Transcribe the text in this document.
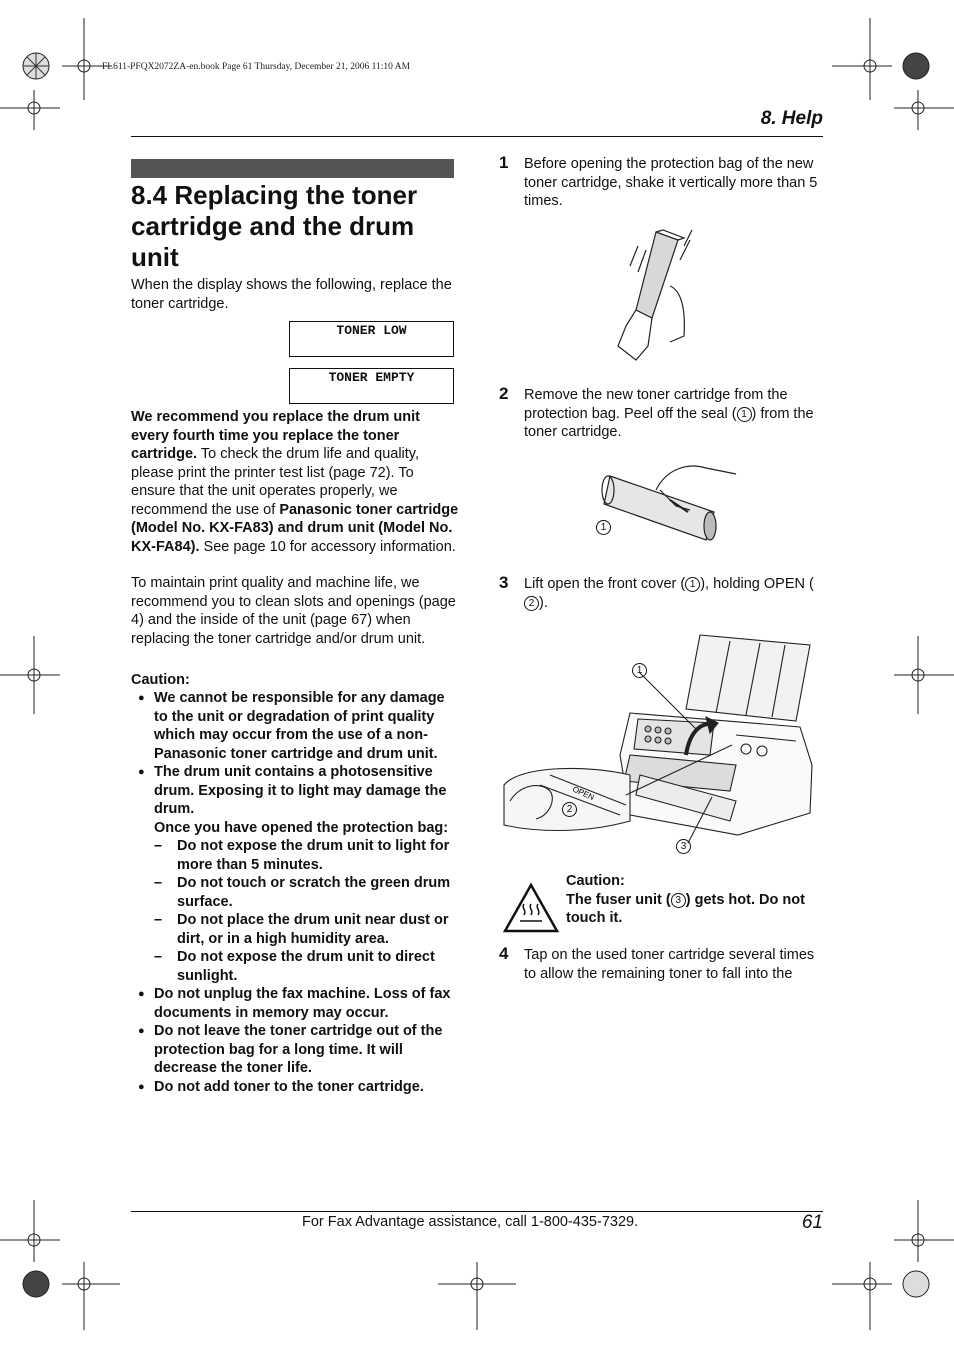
FL611-PFQX2072ZA-en.book Page 61 Thursday, December 21, 2006 11:10 AM
8. Help
8.4 Replacing the toner cartridge and the drum unit
When the display shows the following, replace the toner cartridge.
TONER LOW
TONER EMPTY
We recommend you replace the drum unit every fourth time you replace the toner cartridge. To check the drum life and quality, please print the printer test list (page 72). To ensure that the unit operates properly, we recommend the use of Panasonic toner cartridge (Model No. KX-FA83) and drum unit (Model No. KX-FA84). See page 10 for accessory information.
To maintain print quality and machine life, we recommend you to clean slots and openings (page 4) and the inside of the unit (page 67) when replacing the toner cartridge and/or drum unit.
Caution:
● We cannot be responsible for any damage to the unit or degradation of print quality which may occur from the use of a non-Panasonic toner cartridge and drum unit.
● The drum unit contains a photosensitive drum. Exposing it to light may damage the drum.
Once you have opened the protection bag:
– Do not expose the drum unit to light for more than 5 minutes.
– Do not touch or scratch the green drum surface.
– Do not place the drum unit near dust or dirt, or in a high humidity area.
– Do not expose the drum unit to direct sunlight.
● Do not unplug the fax machine. Loss of fax documents in memory may occur.
● Do not leave the toner cartridge out of the protection bag for a long time. It will decrease the toner life.
● Do not add toner to the toner cartridge.
1 Before opening the protection bag of the new toner cartridge, shake it vertically more than 5 times.
2 Remove the new toner cartridge from the protection bag. Peel off the seal ( 1 ) from the toner cartridge.
1
3 Lift open the front cover ( 1 ), holding OPEN (2 ).
OPEN
1
2
3
Caution:
The fuser unit ( 3 ) gets hot. Do not touch it.
4 Tap on the used toner cartridge several times to allow the remaining toner to fall into the
For Fax Advantage assistance, call 1-800-435-7329.	61
